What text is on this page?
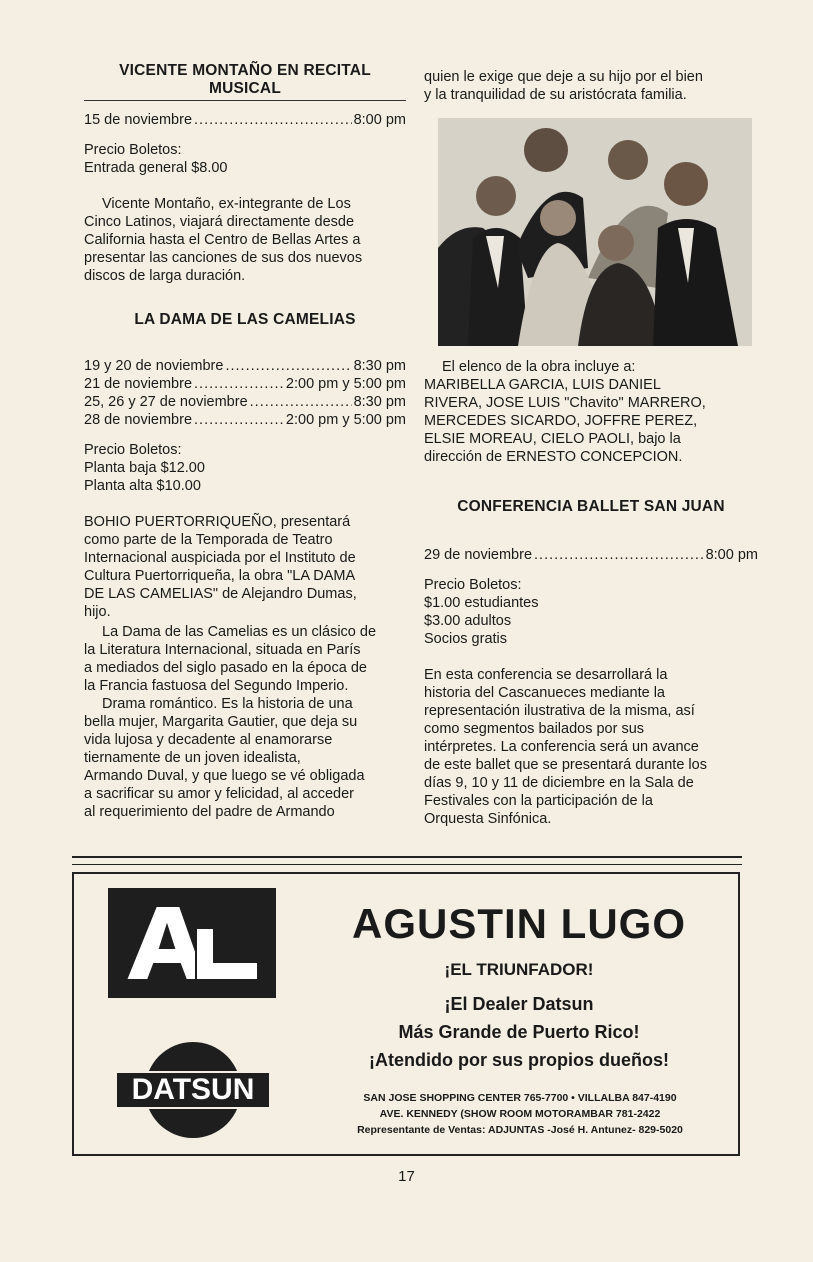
VICENTE MONTAÑO EN RECITAL
MUSICAL
15 de noviembre .....	8:00 pm
Precio Boletos:
Entrada general $8.00
Vicente Montaño, ex-integrante de Los
Cinco Latinos, viajará directamente desde
California hasta el Centro de Bellas Artes a
presentar las canciones de sus dos nuevos
discos de larga duración.
LA DAMA DE LAS CAMELIAS
19 y 20 de noviembre .....	8:30 pm
21 de noviembre .....	2:00 pm y 5:00 pm
25, 26 y 27 de noviembre .....	8:30 pm
28 de noviembre .....	2:00 pm y 5:00 pm
Precio Boletos:
Planta baja $12.00
Planta alta $10.00
BOHIO PUERTORRIQUEÑO, presentará
como parte de la Temporada de Teatro
Internacional auspiciada por el Instituto de
Cultura Puertorriqueña, la obra "LA DAMA
DE LAS CAMELIAS" de Alejandro Dumas,
hijo.
La Dama de las Camelias es un clásico de
la Literatura Internacional, situada en París
a mediados del siglo pasado en la época de
la Francia fastuosa del Segundo Imperio.
Drama romántico. Es la historia de una
bella mujer, Margarita Gautier, que deja su
vida lujosa y decadente al enamorarse
tiernamente de un joven idealista,
Armando Duval, y que luego se vé obligada
a sacrificar su amor y felicidad, al acceder
al requerimiento del padre de Armando
quien le exige que deje a su hijo por el bien
y la tranquilidad de su aristócrata familia.
El elenco de la obra incluye a:
MARIBELLA GARCIA, LUIS DANIEL
RIVERA, JOSE LUIS "Chavito" MARRERO,
MERCEDES SICARDO, JOFFRE PEREZ,
ELSIE MOREAU, CIELO PAOLI, bajo la
dirección de ERNESTO CONCEPCION.
CONFERENCIA BALLET SAN JUAN
29 de noviembre .....	8:00 pm
Precio Boletos:
$1.00 estudiantes
$3.00 adultos
Socios gratis
En esta conferencia se desarrollará la
historia del Cascanueces mediante la
representación ilustrativa de la misma, así
como segmentos bailados por sus
intérpretes. La conferencia será un avance
de este ballet que se presentará durante los
días 9, 10 y 11 de diciembre en la Sala de
Festivales con la participación de la
Orquesta Sinfónica.
DATSUN
AGUSTIN LUGO
¡EL TRIUNFADOR!
¡El Dealer Datsun
Más Grande de Puerto Rico!
¡Atendido por sus propios dueños!
SAN JOSE SHOPPING CENTER 765-7700 • VILLALBA 847-4190
AVE. KENNEDY (SHOW ROOM MOTORAMBAR 781-2422
Representante de Ventas: ADJUNTAS -José H. Antunez- 829-5020
17
